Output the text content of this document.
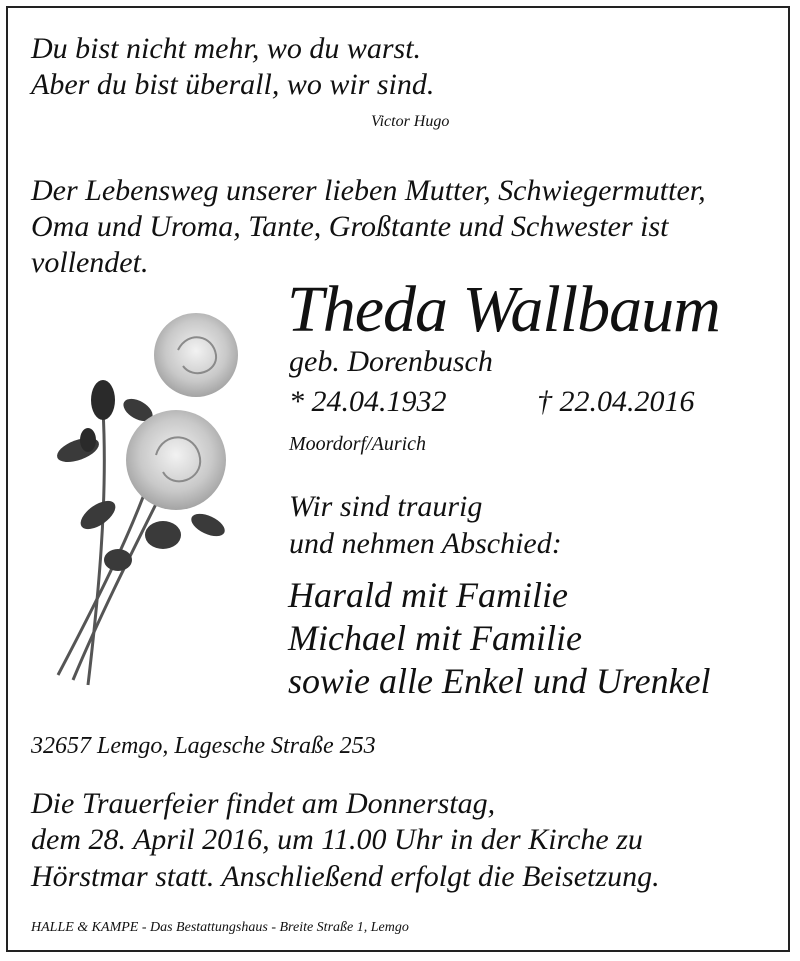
Du bist nicht mehr, wo du warst.

Aber du bist überall, wo wir sind.

Victor Hugo

Der Lebensweg unserer lieben Mutter, Schwiegermutter,

Oma und Uroma, Tante, Großtante und Schwester ist

vollendet.

Theda Wallbaum

geb. Dorenbusch

* 24.04.1932	† 22.04.2016

Moordorf/Aurich

Wir sind traurig

und nehmen Abschied:

Harald mit Familie

Michael mit Familie

sowie alle Enkel und Urenkel

32657 Lemgo, Lagesche Straße 253

Die Trauerfeier findet am Donnerstag,

dem 28. April 2016, um 11.00 Uhr in der Kirche zu

Hörstmar statt. Anschließend erfolgt die Beisetzung.

HALLE & KAMPE - Das Bestattungshaus - Breite Straße 1, Lemgo
